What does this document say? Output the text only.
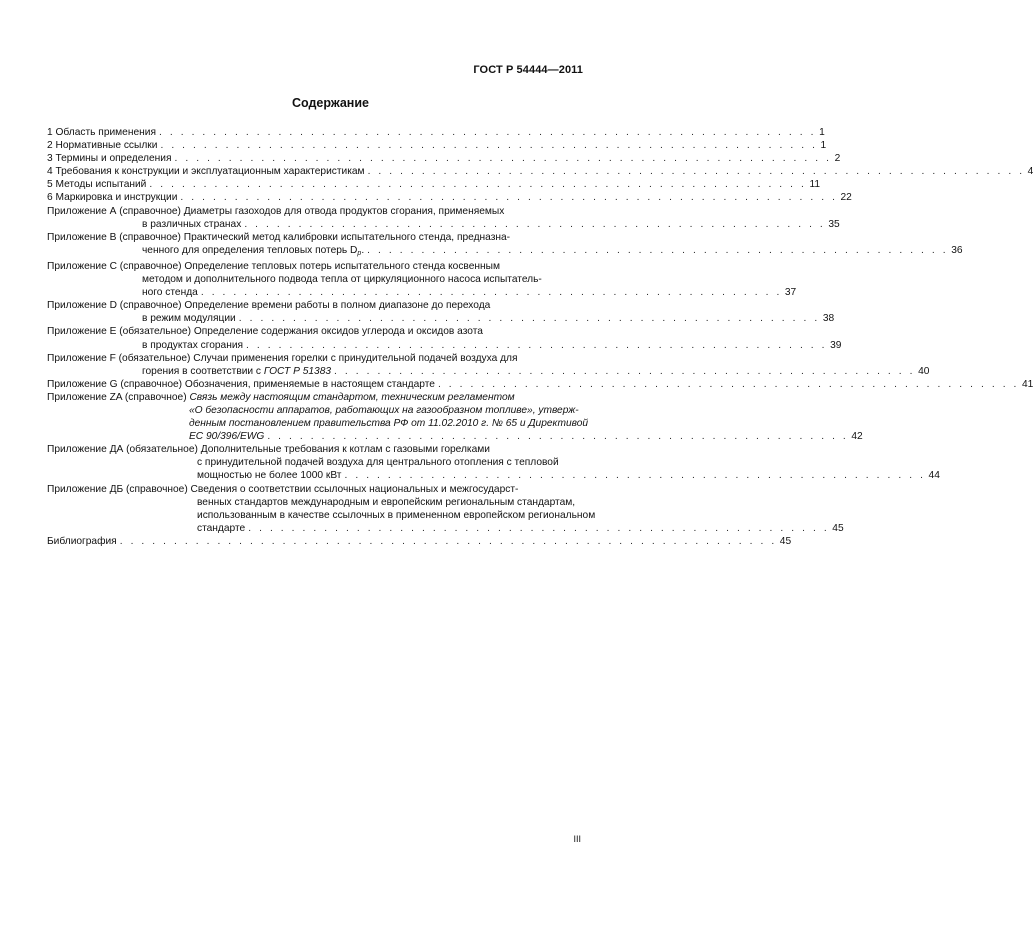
ГОСТ Р 54444—2011
Содержание
1 Область применения . . . . . . . . . . . . . . . . . . . . . . . . . . . . . . . . . . . . . . . . . . . . . . . . . . . . . . . . . . . . . 1
2 Нормативные ссылки . . . . . . . . . . . . . . . . . . . . . . . . . . . . . . . . . . . . . . . . . . . . . . . . . . . . . . . . . . . . . 1
3 Термины и определения . . . . . . . . . . . . . . . . . . . . . . . . . . . . . . . . . . . . . . . . . . . . . . . . . . . . . . . . . . . . . 2
4 Требования к конструкции и эксплуатационным характеристикам . . . . . . . . . . . . . . . . . . . . . . . . . . . . . . . . . . . . . . . . . . . . . . . . . . . . . . . . . . . . . 4
5 Методы испытаний . . . . . . . . . . . . . . . . . . . . . . . . . . . . . . . . . . . . . . . . . . . . . . . . . . . . . . . . . . . . . 11
6 Маркировка и инструкции . . . . . . . . . . . . . . . . . . . . . . . . . . . . . . . . . . . . . . . . . . . . . . . . . . . . . . . . . . . . . 22
Приложение А (справочное) Диаметры газоходов для отвода продуктов сгорания, применяемых
в различных странах . . . . . . . . . . . . . . . . . . . . . . . . . . . . . . . . . . . . . . . . . . . . . . . . . . . . . . 35
Приложение В (справочное) Практический метод калибровки испытательного стенда, предназна-
ченного для определения тепловых потерь $D_p$. . . . . . . . . . . . . . . . . . . . . . . . . . . . . . . . . . . . . . . . . . . . . . . . . . . . . . . 36
Приложение С (справочное) Определение тепловых потерь испытательного стенда косвенным
методом и дополнительного подвода тепла от циркуляционного насоса испытатель-
ного стенда . . . . . . . . . . . . . . . . . . . . . . . . . . . . . . . . . . . . . . . . . . . . . . . . . . . . . . 37
Приложение D (справочное) Определение времени работы в полном диапазоне до перехода
в режим модуляции . . . . . . . . . . . . . . . . . . . . . . . . . . . . . . . . . . . . . . . . . . . . . . . . . . . . . . 38
Приложение Е (обязательное) Определение содержания оксидов углерода и оксидов азота
в продуктах сгорания . . . . . . . . . . . . . . . . . . . . . . . . . . . . . . . . . . . . . . . . . . . . . . . . . . . . . . 39
Приложение F (обязательное) Случаи применения горелки с принудительной подачей воздуха для
горения в соответствии с ГОСТ Р 51383 . . . . . . . . . . . . . . . . . . . . . . . . . . . . . . . . . . . . . . . . . . . . . . . . . . . . . . 40
Приложение G (справочное) Обозначения, применяемые в настоящем стандарте . . . . . . . . . . . . . . . . . . . . . . . . . . . . . . . . . . . . . . . . . . . . . . . . . . . . . . 41
Приложение ZA (справочное) Связь между настоящим стандартом, техническим регламентом
«О безопасности аппаратов, работающих на газообразном топливе», утверж-
денным постановлением правительства РФ от 11.02.2010 г. № 65 и Директивой
ЕС 90/396/EWG . . . . . . . . . . . . . . . . . . . . . . . . . . . . . . . . . . . . . . . . . . . . . . . . . . . . . . 42
Приложение ДА (обязательное) Дополнительные требования к котлам с газовыми горелками
с принудительной подачей воздуха для центрального отопления с тепловой
мощностью не более 1000 кВт . . . . . . . . . . . . . . . . . . . . . . . . . . . . . . . . . . . . . . . . . . . . . . . . . . . . . . 44
Приложение ДБ (справочное) Сведения о соответствии ссылочных национальных и межгосударст-
венных стандартов международным и европейским региональным стандартам,
использованным в качестве ссылочных в примененном европейском региональном
стандарте . . . . . . . . . . . . . . . . . . . . . . . . . . . . . . . . . . . . . . . . . . . . . . . . . . . . . . 45
Библиография . . . . . . . . . . . . . . . . . . . . . . . . . . . . . . . . . . . . . . . . . . . . . . . . . . . . . . . . . . . . . 45
III
